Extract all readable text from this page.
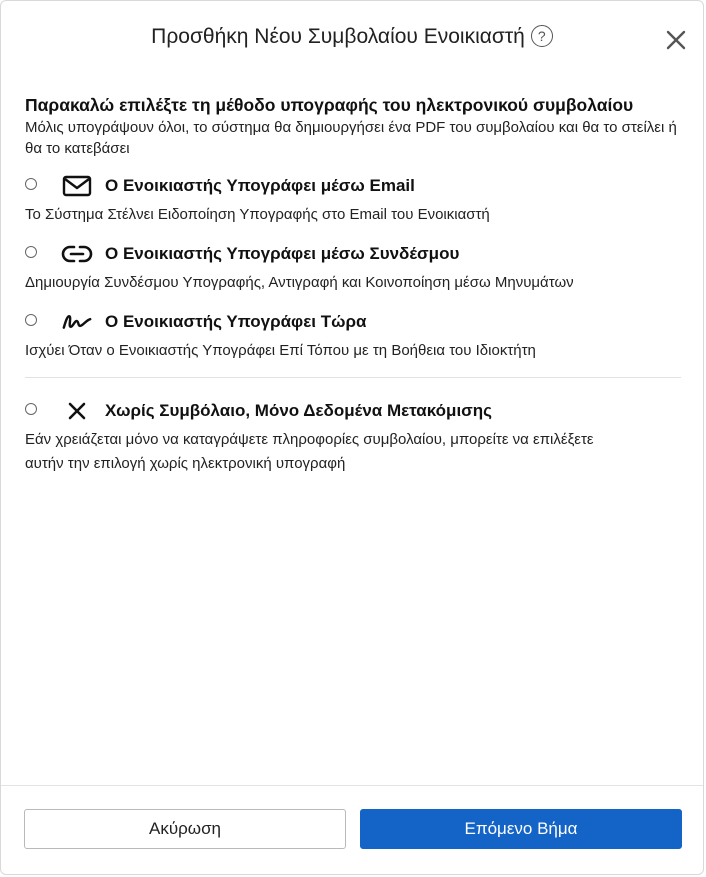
Προσθήκη Νέου Συμβολαίου Ενοικιαστή ?

Παρακαλώ επιλέξτε τη μέθοδο υπογραφής του ηλεκτρονικού συμβολαίου

Μόλις υπογράψουν όλοι, το σύστημα θα δημιουργήσει ένα PDF του συμβολαίου και θα το στείλει ή θα το κατεβάσει

Ο Ενοικιαστής Υπογράφει μέσω Email
Το Σύστημα Στέλνει Ειδοποίηση Υπογραφής στο Email του Ενοικιαστή
Ο Ενοικιαστής Υπογράφει μέσω Συνδέσμου
Δημιουργία Συνδέσμου Υπογραφής, Αντιγραφή και Κοινοποίηση μέσω Μηνυμάτων
Ο Ενοικιαστής Υπογράφει Τώρα
Ισχύει Όταν ο Ενοικιαστής Υπογράφει Επί Τόπου με τη Βοήθεια του Ιδιοκτήτη
Χωρίς Συμβόλαιο, Μόνο Δεδομένα Μετακόμισης
Εάν χρειάζεται μόνο να καταγράψετε πληροφορίες συμβολαίου, μπορείτε να επιλέξετε αυτήν την επιλογή χωρίς ηλεκτρονική υπογραφή
Ακύρωση	Επόμενο Βήμα
